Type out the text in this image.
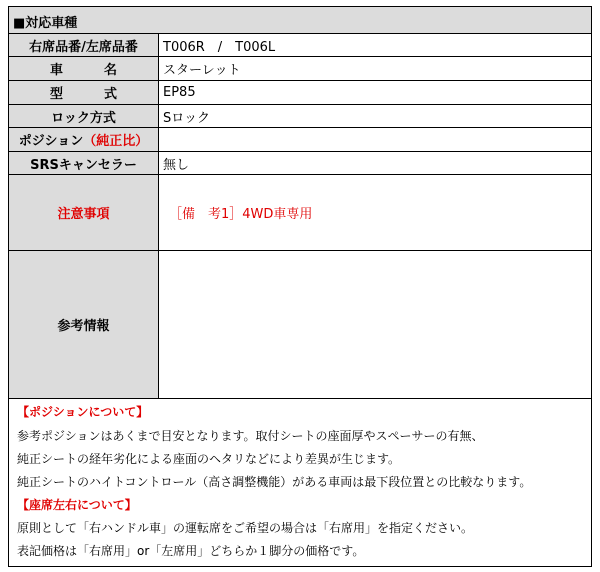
■対応車種
右席品番/左席品番	T006R　/　T006L
車　名	スターレット
型　式	EP85
ロック方式	Sロック
ポジション （純正比）
SRSキャンセラー	無し
注意事項	［備　考1］4WD車専用
参考情報
【ポジションについて】
参考ポジションはあくまで目安となります。取付シートの座面厚やスペーサーの有無、
純正シートの経年劣化による座面のヘタリなどにより差異が生じます。
純正シートのハイトコントロール（高さ調整機能）がある車両は最下段位置との比較なります。
【座席左右について】
原則として「右ハンドル車」の運転席をご希望の場合は「右席用」を指定ください。
表記価格は「右席用」or「左席用」どちらか１脚分の価格です。
